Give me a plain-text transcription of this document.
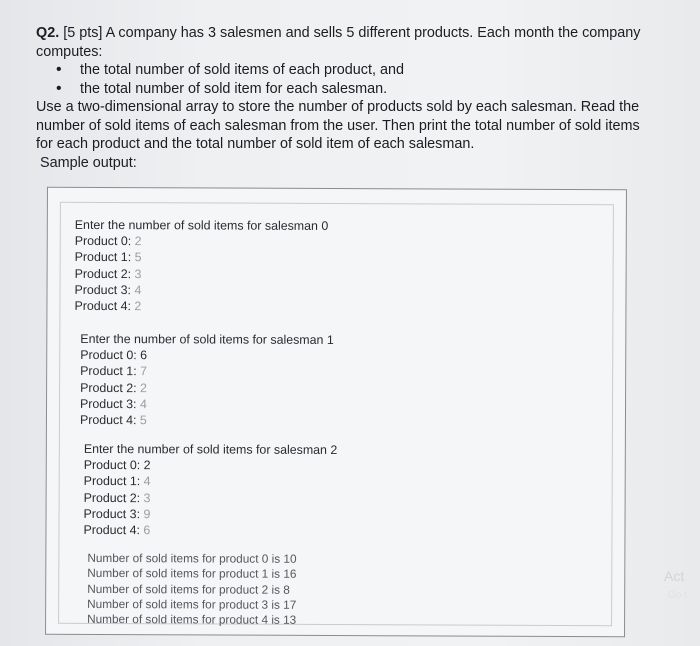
Q2. [5 pts] A company has 3 salesmen and sells 5 different products. Each month the company computes:

• the total number of sold items of each product, and
• the total number of sold item for each salesman.

Use a two-dimensional array to store the number of products sold by each salesman. Read the number of sold items of each salesman from the user. Then print the total number of sold items for each product and the total number of sold item of each salesman.

Sample output:

Enter the number of sold items for salesman 0
Product 0: 2
Product 1: 5
Product 2: 3
Product 3: 4
Product 4: 2
Enter the number of sold items for salesman 1
Product 0: 6
Product 1: 7
Product 2: 2
Product 3: 4
Product 4: 5
Enter the number of sold items for salesman 2
Product 0: 2
Product 1: 4
Product 2: 3
Product 3: 9
Product 4: 6
Number of sold items for product 0 is 10
Number of sold items for product 1 is 16
Number of sold items for product 2 is 8
Number of sold items for product 3 is 17
Number of sold items for product 4 is 13
Act
Go t
